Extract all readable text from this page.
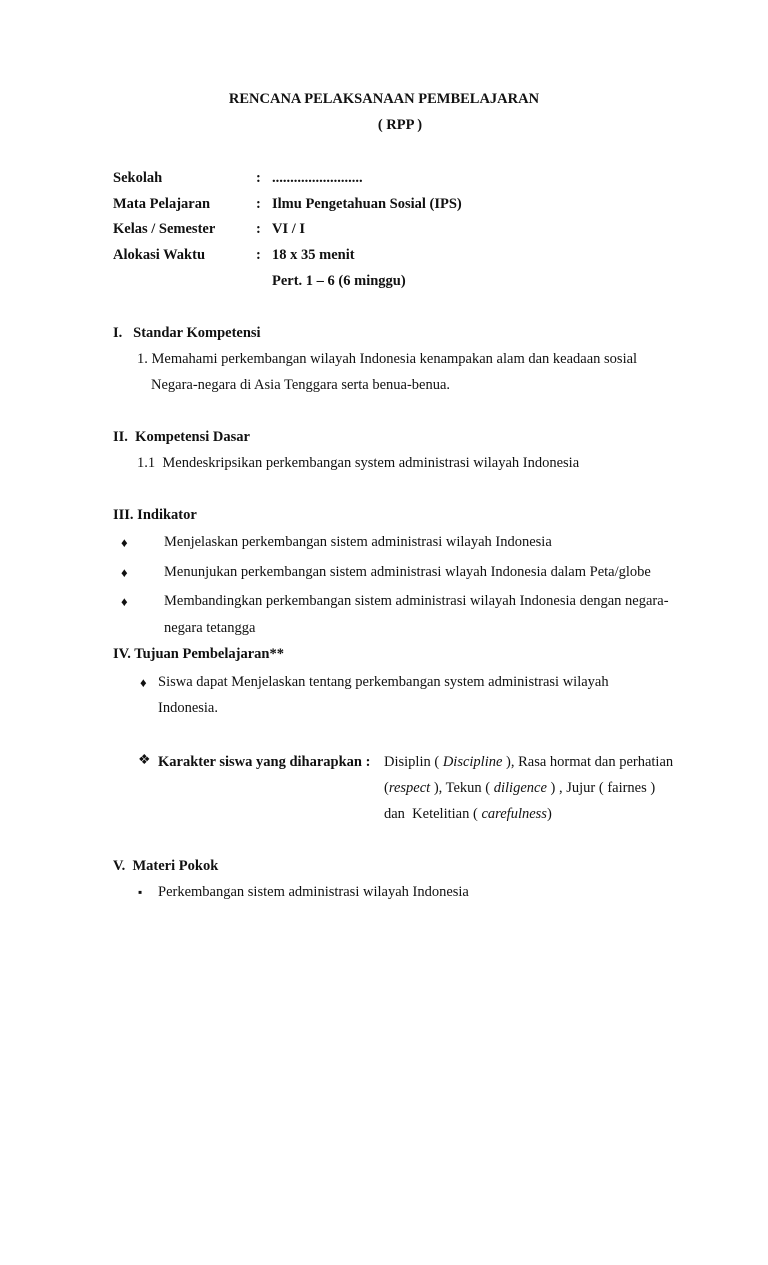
RENCANA PELAKSANAAN PEMBELAJARAN
( RPP )
Sekolah	: .........................
Mata Pelajaran	: Ilmu Pengetahuan Sosial (IPS)
Kelas / Semester	: VI / I
Alokasi Waktu	: 18 x 35 menit
Pert. 1 – 6 (6 minggu)
I.   Standar Kompetensi
1. Memahami perkembangan wilayah Indonesia kenampakan alam dan keadaan sosial
Negara-negara di Asia Tenggara serta benua-benua.
II.  Kompetensi Dasar
1.1  Mendeskripsikan perkembangan system administrasi wilayah Indonesia
III. Indikator
♦	Menjelaskan perkembangan sistem administrasi wilayah Indonesia
♦	Menunjukan perkembangan sistem administrasi wlayah Indonesia dalam Peta/globe
♦	Membandingkan perkembangan sistem administrasi wilayah Indonesia dengan negara-
negara tetangga
IV. Tujuan Pembelajaran**
♦ Siswa dapat Menjelaskan tentang perkembangan system administrasi wilayah
Indonesia.
❖ Karakter siswa yang diharapkan : Disiplin ( Discipline ), Rasa hormat dan perhatian
(respect ), Tekun ( diligence ) , Jujur ( fairnes )
dan  Ketelitian ( carefulness)
V.  Materi Pokok
▪ Perkembangan sistem administrasi wilayah Indonesia
